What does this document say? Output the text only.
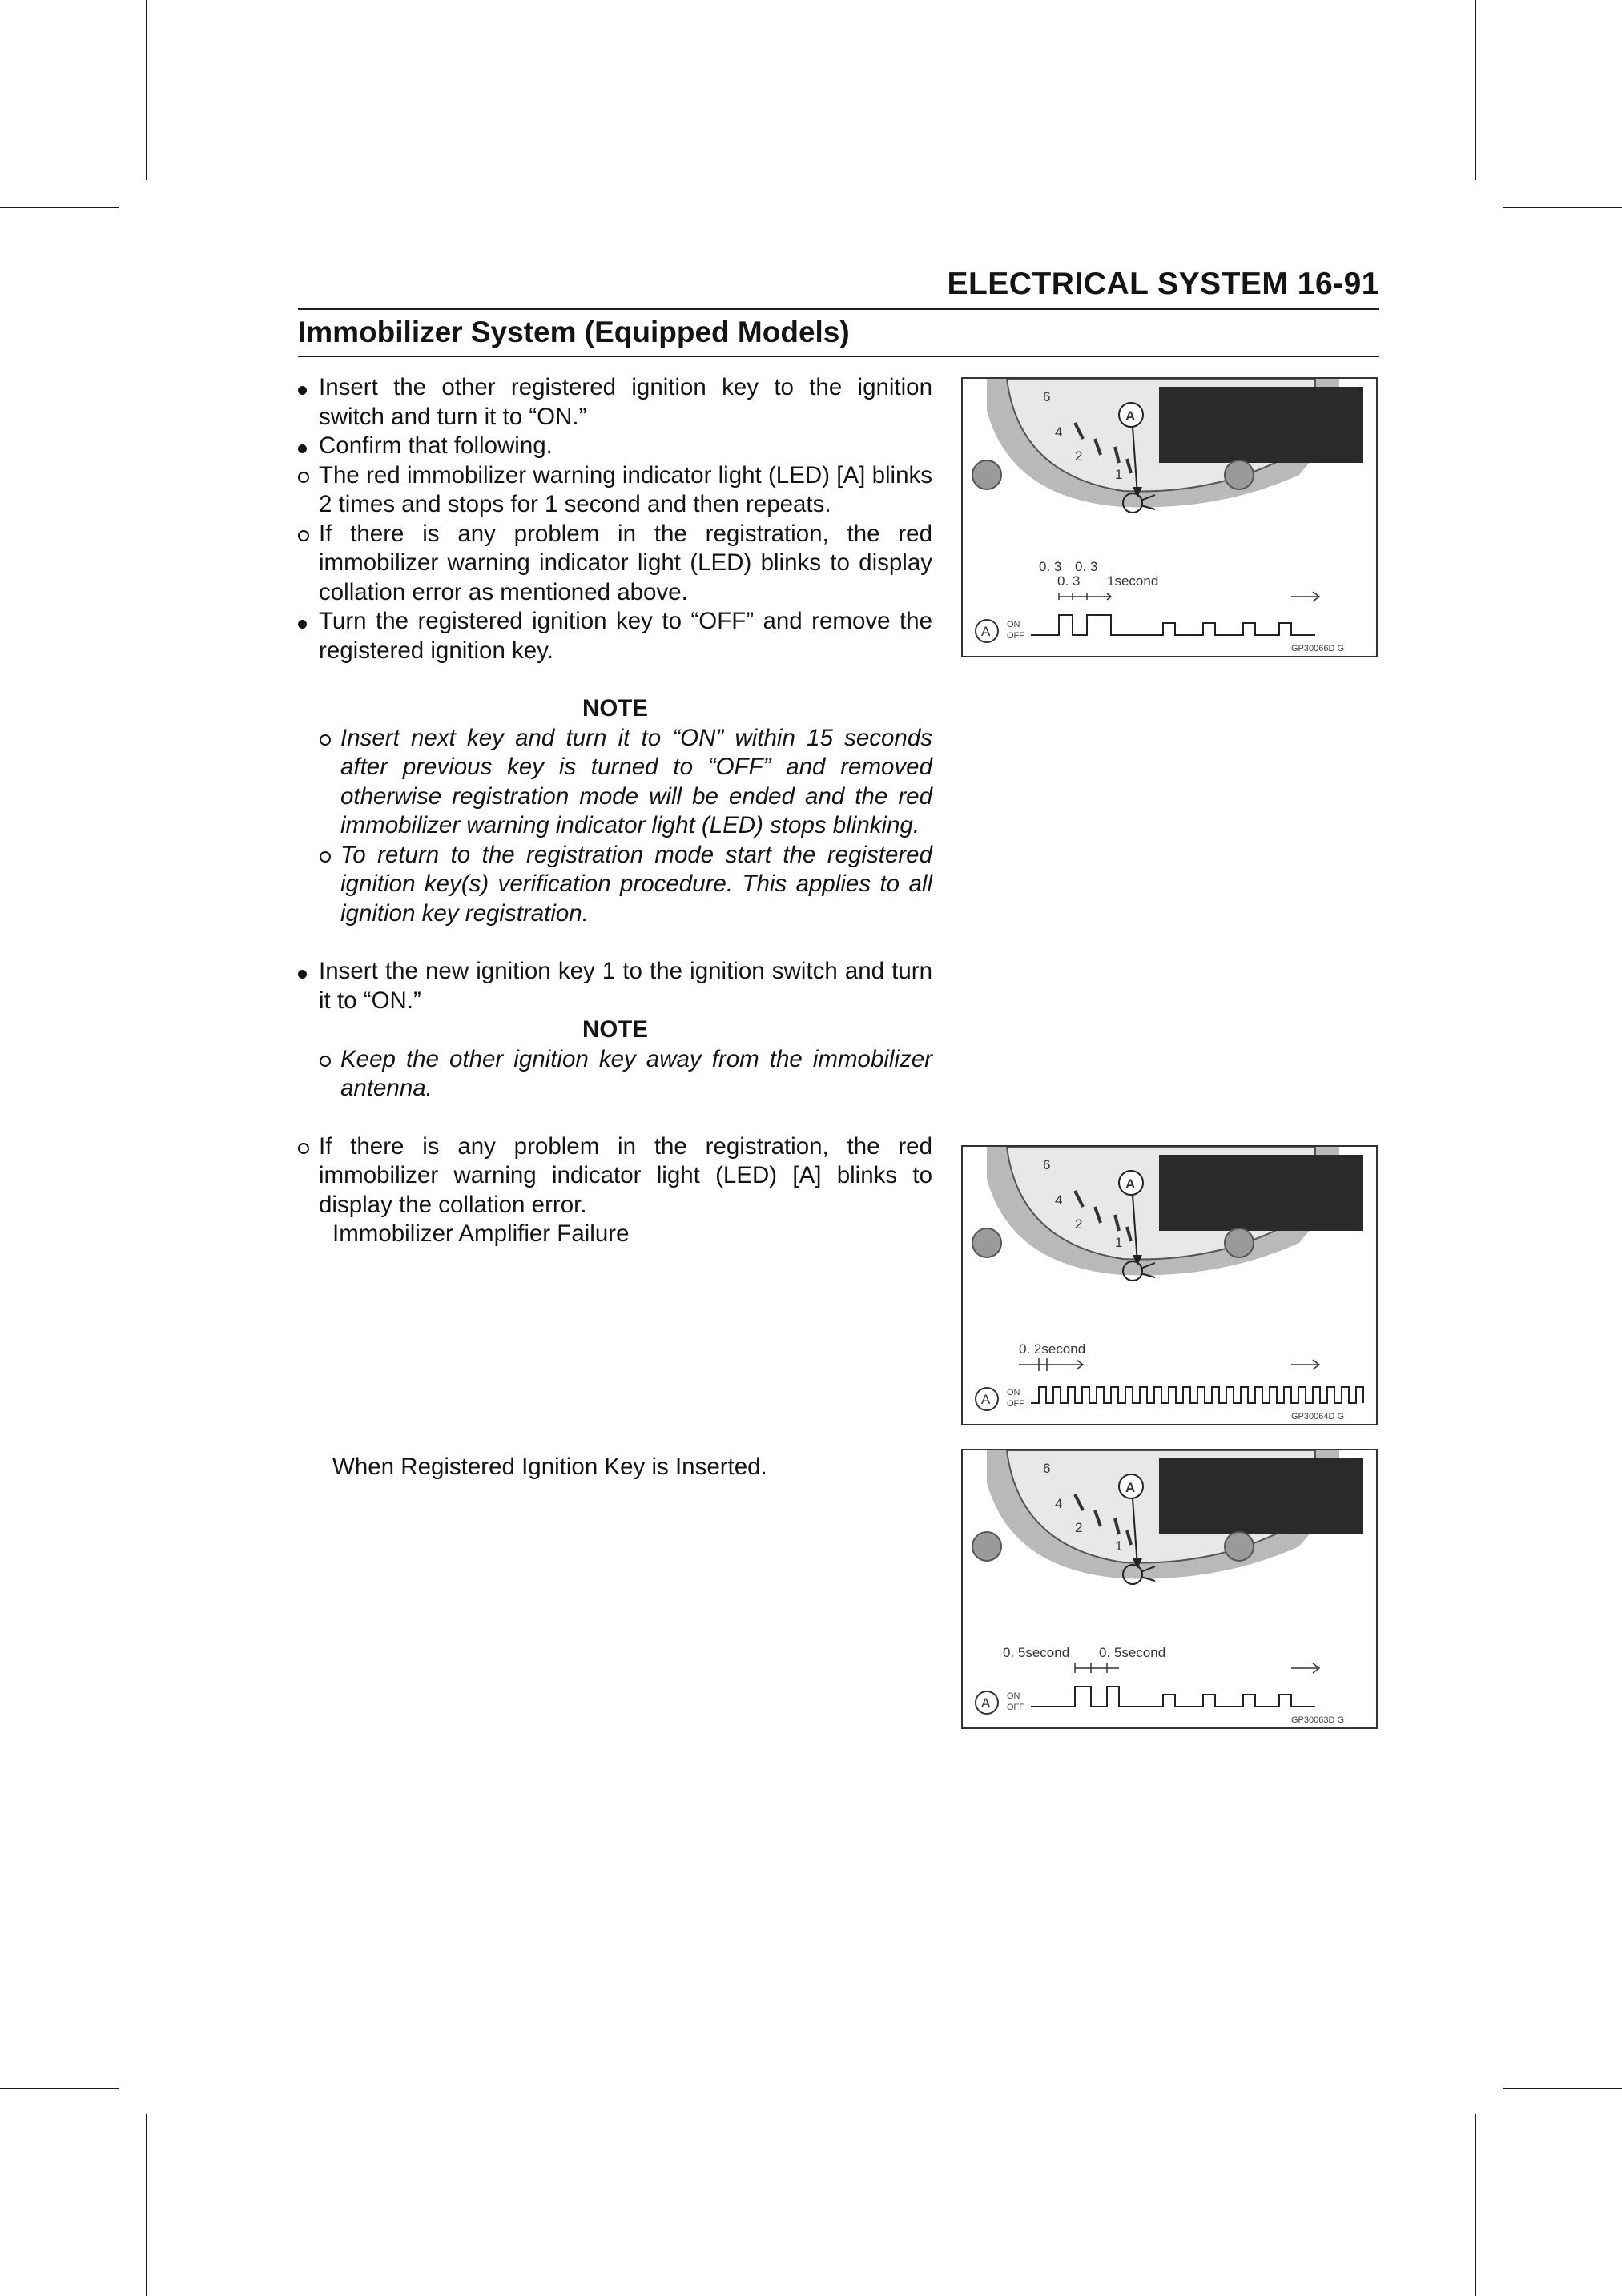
ELECTRICAL SYSTEM 16-91
Immobilizer System (Equipped Models)

Insert the other registered ignition key to the ignition switch and turn it to “ON.”

Confirm that following.

The red immobilizer warning indicator light (LED) [A] blinks 2 times and stops for 1 second and then repeats.

If there is any problem in the registration, the red immobilizer warning indicator light (LED) blinks to display collation error as mentioned above.

Turn the registered ignition key to “OFF” and remove the registered ignition key.

NOTE

Insert next key and turn it to “ON” within 15 seconds after previous key is turned to “OFF” and removed otherwise registration mode will be ended and the red immobilizer warning indicator light (LED) stops blinking.

To return to the registration mode start the registered ignition key(s) verification procedure. This applies to all ignition key registration.

Insert the new ignition key 1 to the ignition switch and turn it to “ON.”

NOTE

Keep the other ignition key away from the immobilizer antenna.

If there is any problem in the registration, the red immobilizer warning indicator light (LED) [A] blinks to display the collation error.

Immobilizer Amplifier Failure

When Registered Ignition Key is Inserted.
6
4
2
1
A
0. 3 0. 3
0. 3 1second
A ON
OFF
GP30066D G
6
4
2
1
A
0. 2second
A ON
OFF
GP30064D G
6
4
2
1
A
0. 5second 0. 5second
A ON
OFF
GP30063D G
